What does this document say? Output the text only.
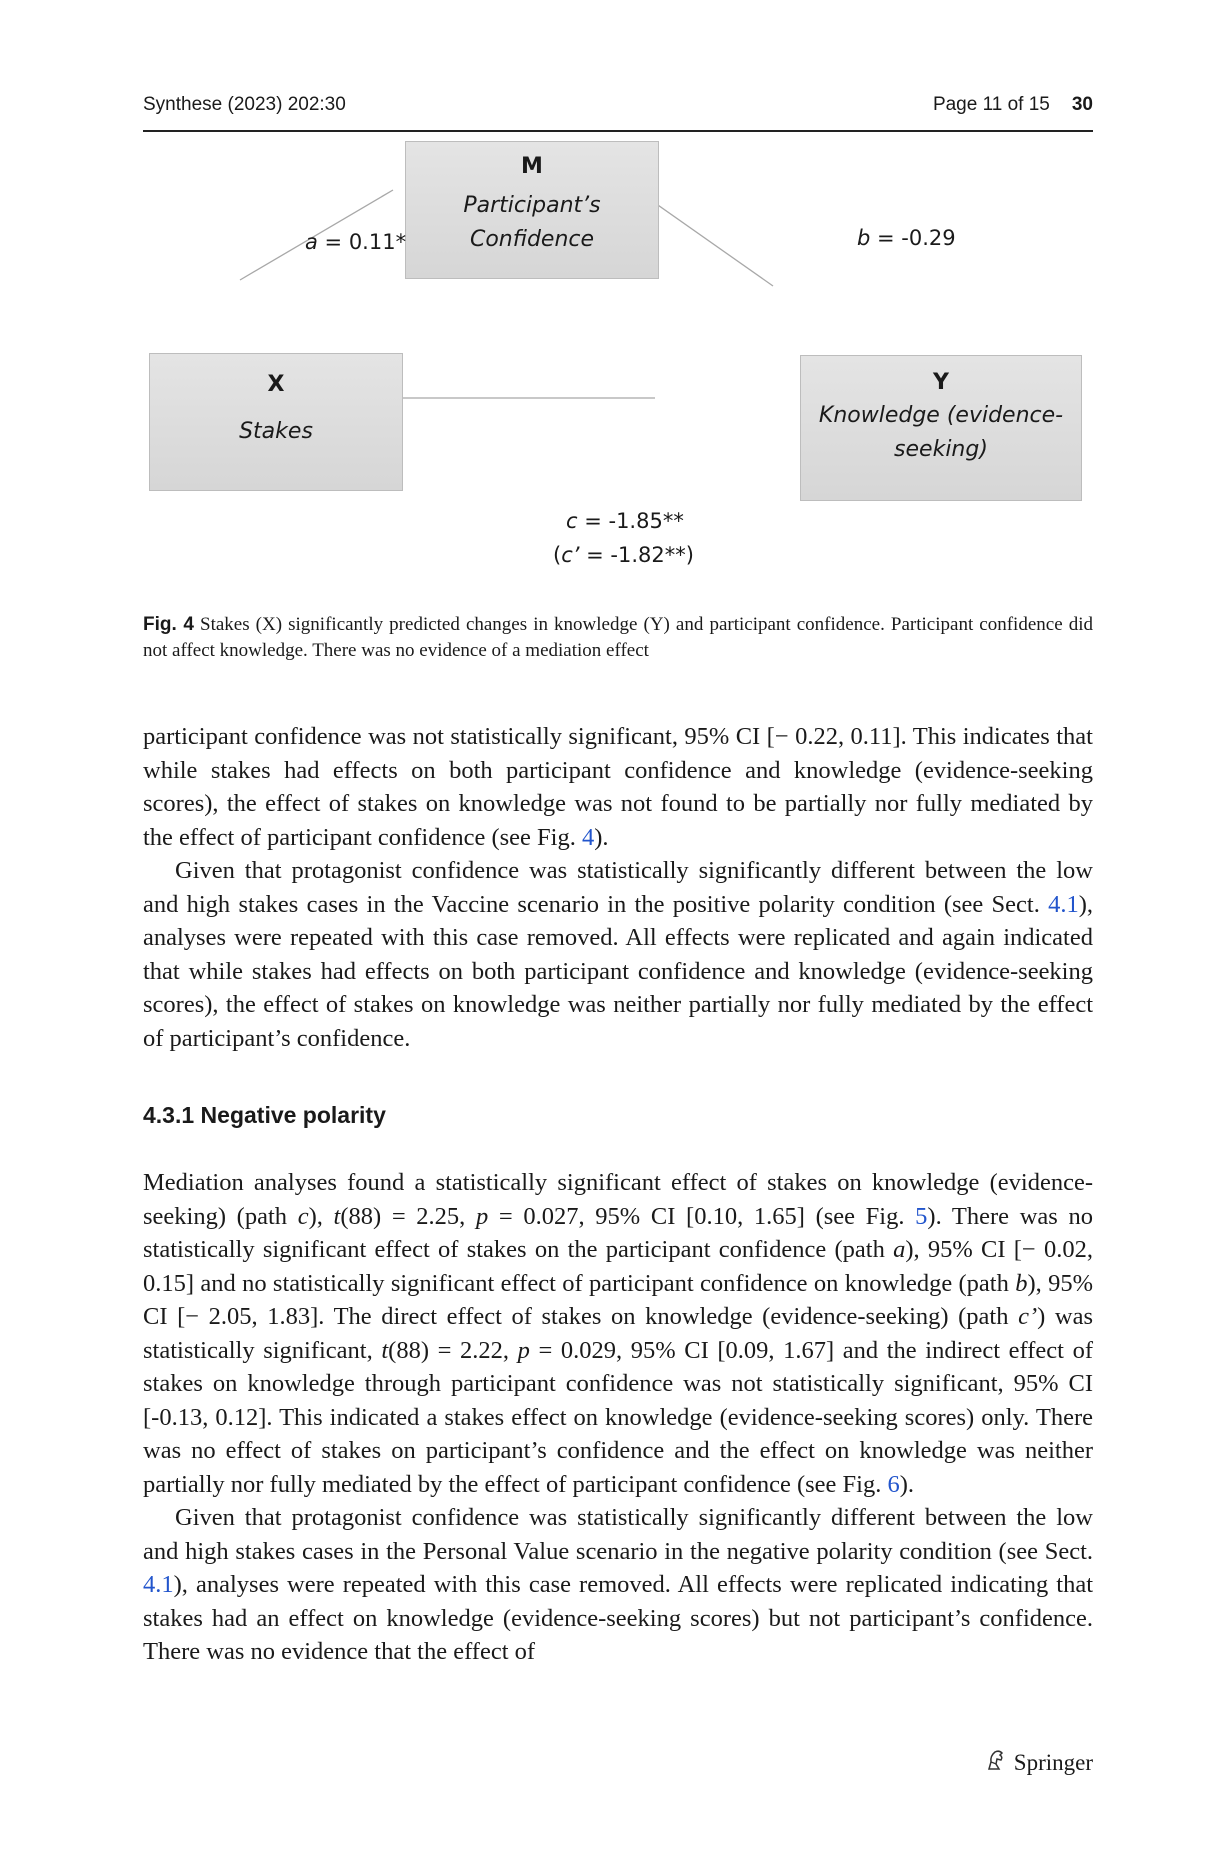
Synthese (2023) 202:30	Page 11 of 15 30
M
Participant’s
Confidence
X
Stakes
Y
Knowledge (evidence-
seeking)
a = 0.11*	b = -0.29
c = -1.85**
(c’ = -1.82**)
Fig. 4 Stakes (X) significantly predicted changes in knowledge (Y) and participant confidence. Participant confidence did not affect knowledge. There was no evidence of a mediation effect

participant confidence was not statistically significant, 95% CI [− 0.22, 0.11]. This indicates that while stakes had effects on both participant confidence and knowledge (evidence-seeking scores), the effect of stakes on knowledge was not found to be partially nor fully mediated by the effect of participant confidence (see Fig. 4).

Given that protagonist confidence was statistically significantly different between the low and high stakes cases in the Vaccine scenario in the positive polarity condition (see Sect. 4.1), analyses were repeated with this case removed. All effects were replicated and again indicated that while stakes had effects on both participant confidence and knowledge (evidence-seeking scores), the effect of stakes on knowledge was neither partially nor fully mediated by the effect of participant’s confidence.

4.3.1 Negative polarity

Mediation analyses found a statistically significant effect of stakes on knowledge (evidence-seeking) (path c), t(88) = 2.25, p = 0.027, 95% CI [0.10, 1.65] (see Fig. 5). There was no statistically significant effect of stakes on the participant confidence (path a), 95% CI [− 0.02, 0.15] and no statistically significant effect of participant confidence on knowledge (path b), 95% CI [− 2.05, 1.83]. The direct effect of stakes on knowledge (evidence-seeking) (path c’) was statistically significant, t(88) = 2.22, p = 0.029, 95% CI [0.09, 1.67] and the indirect effect of stakes on knowledge through participant confidence was not statistically significant, 95% CI [-0.13, 0.12]. This indicated a stakes effect on knowledge (evidence-seeking scores) only. There was no effect of stakes on participant’s confidence and the effect on knowledge was neither partially nor fully mediated by the effect of participant confidence (see Fig. 6).

Given that protagonist confidence was statistically significantly different between the low and high stakes cases in the Personal Value scenario in the negative polarity condition (see Sect. 4.1), analyses were repeated with this case removed. All effects were replicated indicating that stakes had an effect on knowledge (evidence-seeking scores) but not participant’s confidence. There was no evidence that the effect of

Springer
